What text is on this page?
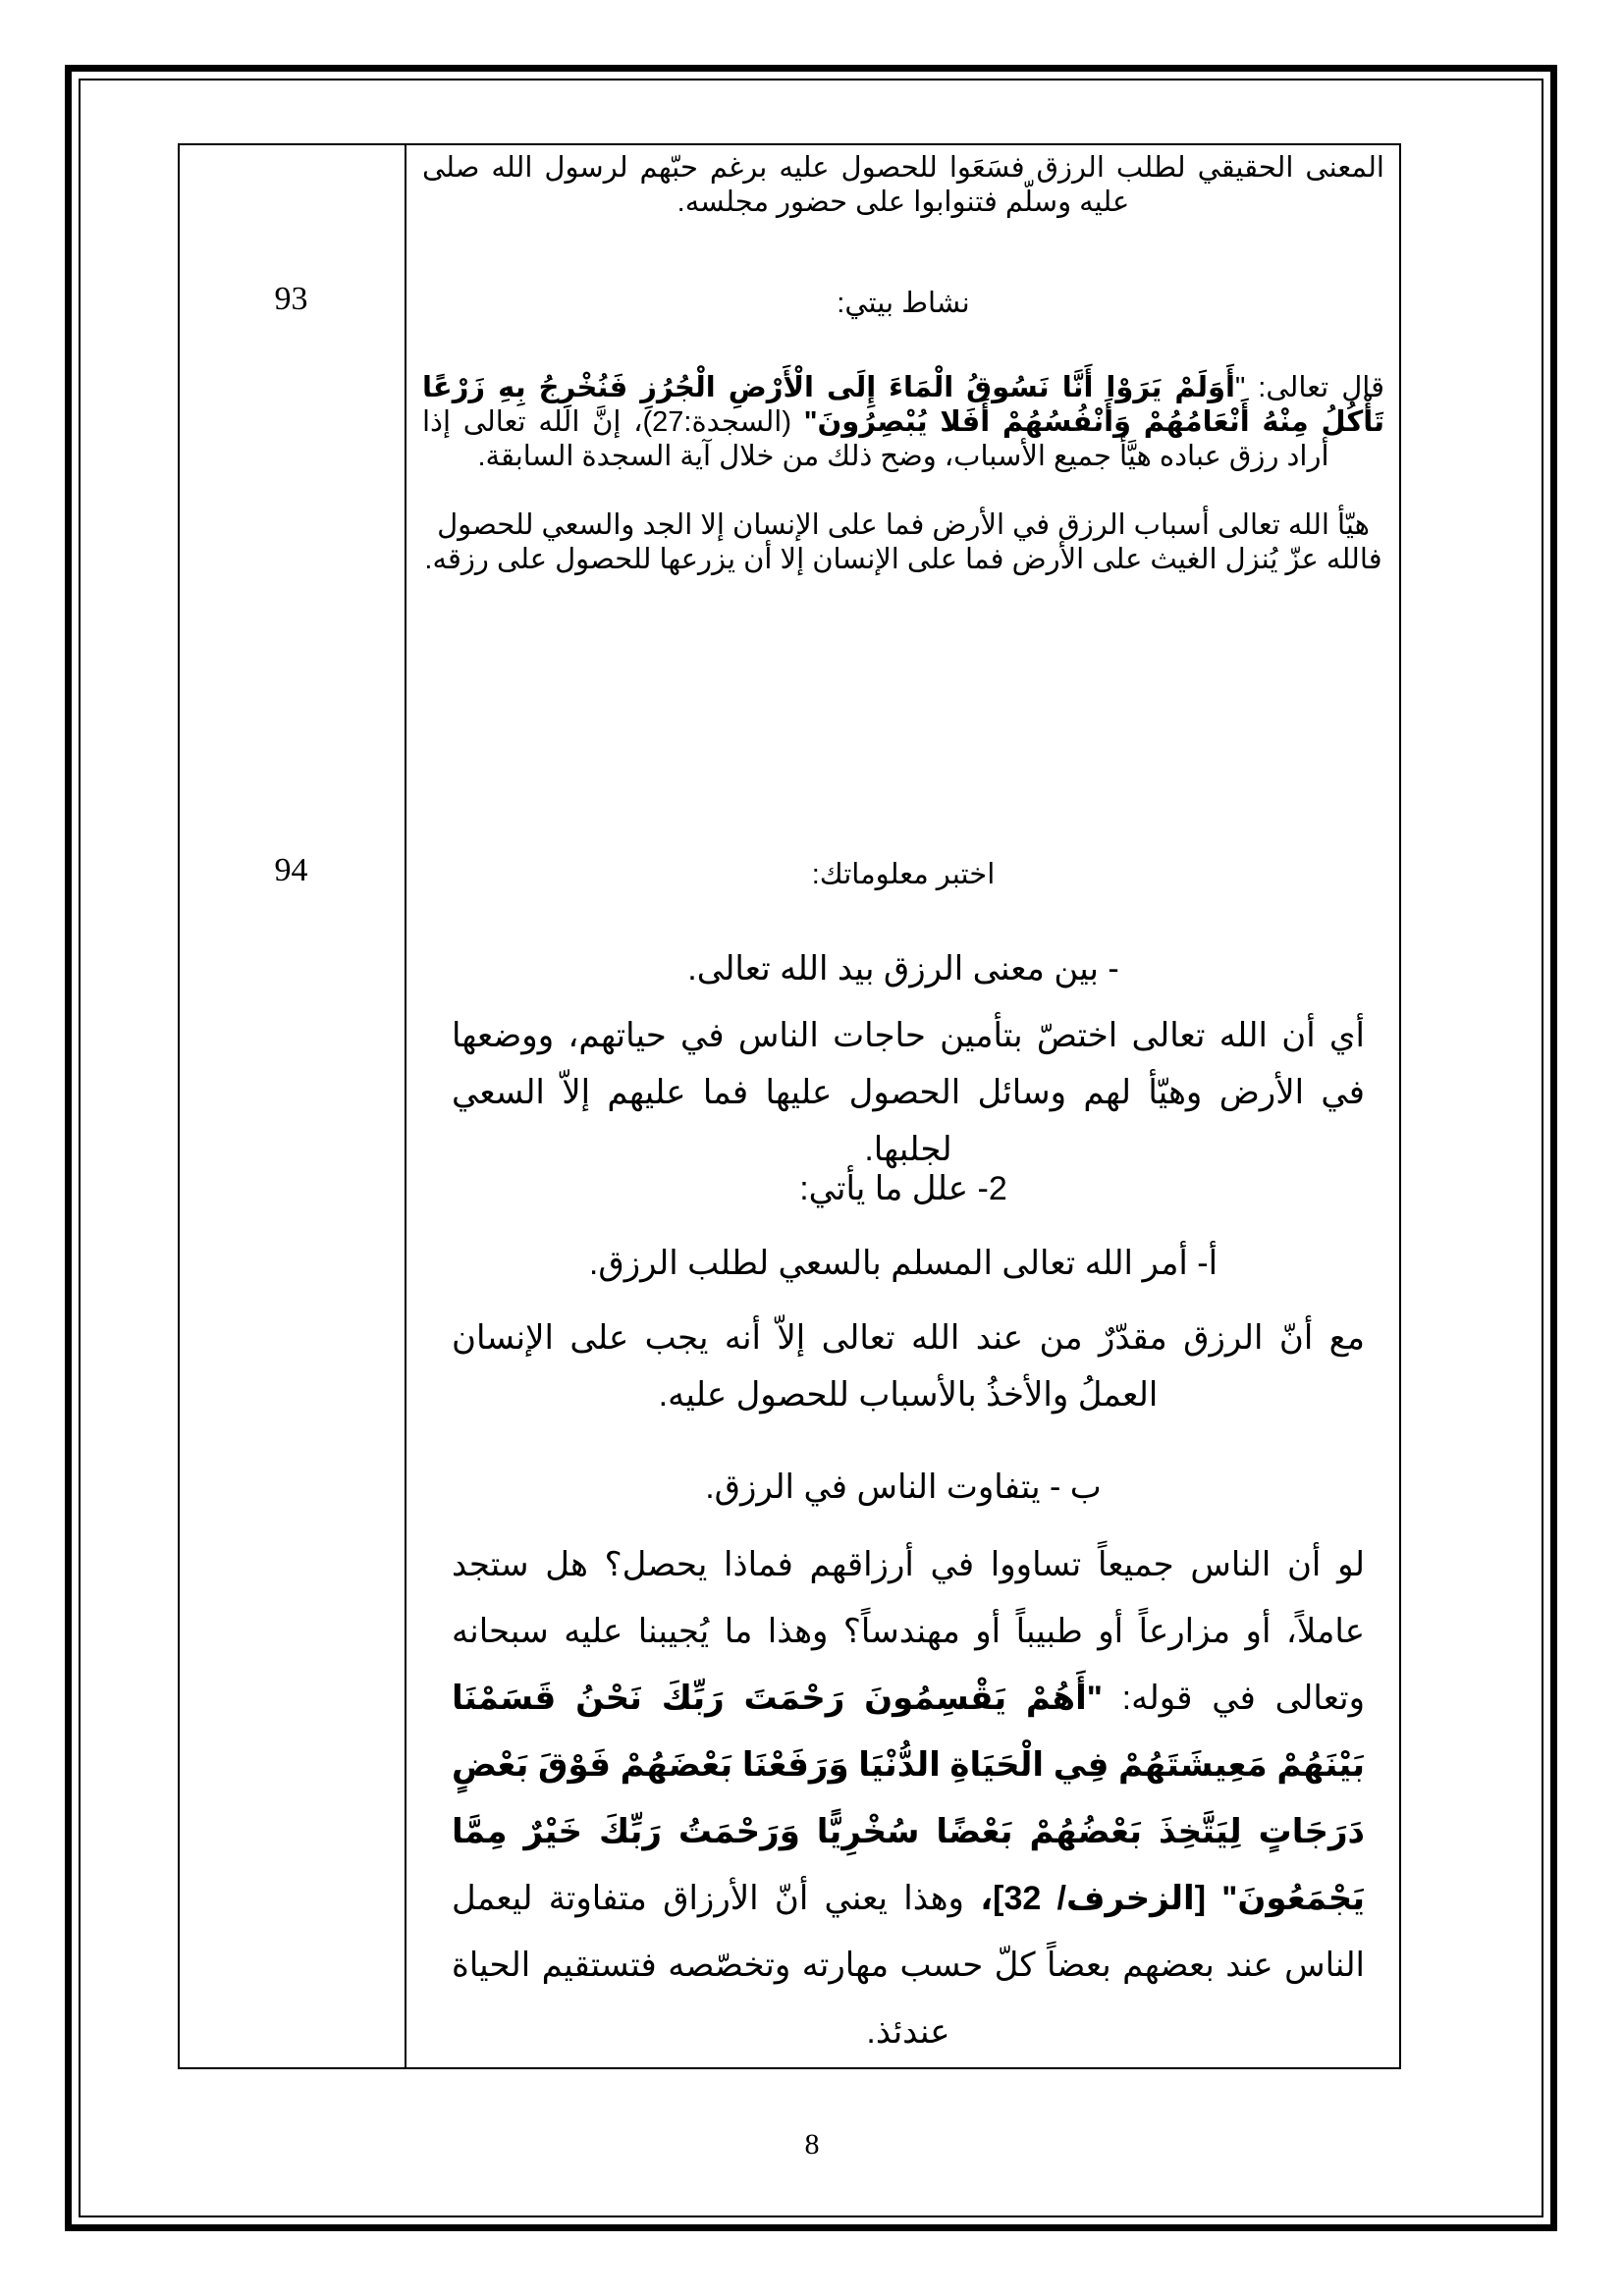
المعنى الحقيقي لطلب الرزق فسَعَوا للحصول عليه برغم حبّهم لرسول الله صلى عليه وسلّم فتنوابوا على حضور مجلسه.
93	نشاط بيتي:
قال تعالى: "أَوَلَمْ يَرَوْا أَنَّا نَسُوقُ الْمَاءَ إِلَى الْأَرْضِ الْجُرُزِ فَنُخْرِجُ بِهِ زَرْعًا تَأْكُلُ مِنْهُ أَنْعَامُهُمْ وَأَنْفُسُهُمْ أَفَلا يُبْصِرُونَ" (السجدة:27)، إنَّ الله تعالى إذا أراد رزق عباده هيَّأ جميع الأسباب، وضح ذلك من خلال آية السجدة السابقة.
هيّأ الله تعالى أسباب الرزق في الأرض فما على الإنسان إلا الجد والسعي للحصول فالله عزّ يُنزل الغيث على الأرض فما على الإنسان إلا أن يزرعها للحصول على رزقه.
94	اختبر معلوماتك:
- بين معنى الرزق بيد الله تعالى.
أي أن الله تعالى اختصّ بتأمين حاجات الناس في حياتهم، ووضعها في الأرض وهيّأ لهم وسائل الحصول عليها فما عليهم إلاّ السعي لجلبها.
2- علل ما يأتي:
أ- أمر الله تعالى المسلم بالسعي لطلب الرزق.
مع أنّ الرزق مقدّرٌ من عند الله تعالى إلاّ أنه يجب على الإنسان العملُ والأخذُ بالأسباب للحصول عليه.
ب - يتفاوت الناس في الرزق.
لو أن الناس جميعاً تساووا في أرزاقهم فماذا يحصل؟ هل ستجد عاملاً، أو مزارعاً أو طبيباً أو مهندساً؟ وهذا ما يُجيبنا عليه سبحانه وتعالى في قوله: "أَهُمْ يَقْسِمُونَ رَحْمَتَ رَبِّكَ نَحْنُ قَسَمْنَا بَيْنَهُمْ مَعِيشَتَهُمْ فِي الْحَيَاةِ الدُّنْيَا وَرَفَعْنَا بَعْضَهُمْ فَوْقَ بَعْضٍ دَرَجَاتٍ لِيَتَّخِذَ بَعْضُهُمْ بَعْضًا سُخْرِيًّا وَرَحْمَتُ رَبِّكَ خَيْرٌ مِمَّا يَجْمَعُونَ" [الزخرف/ 32]، وهذا يعني أنّ الأرزاق متفاوتة ليعمل الناس عند بعضهم بعضاً كلّ حسب مهارته وتخصّصه فتستقيم الحياة عندئذ.
8
